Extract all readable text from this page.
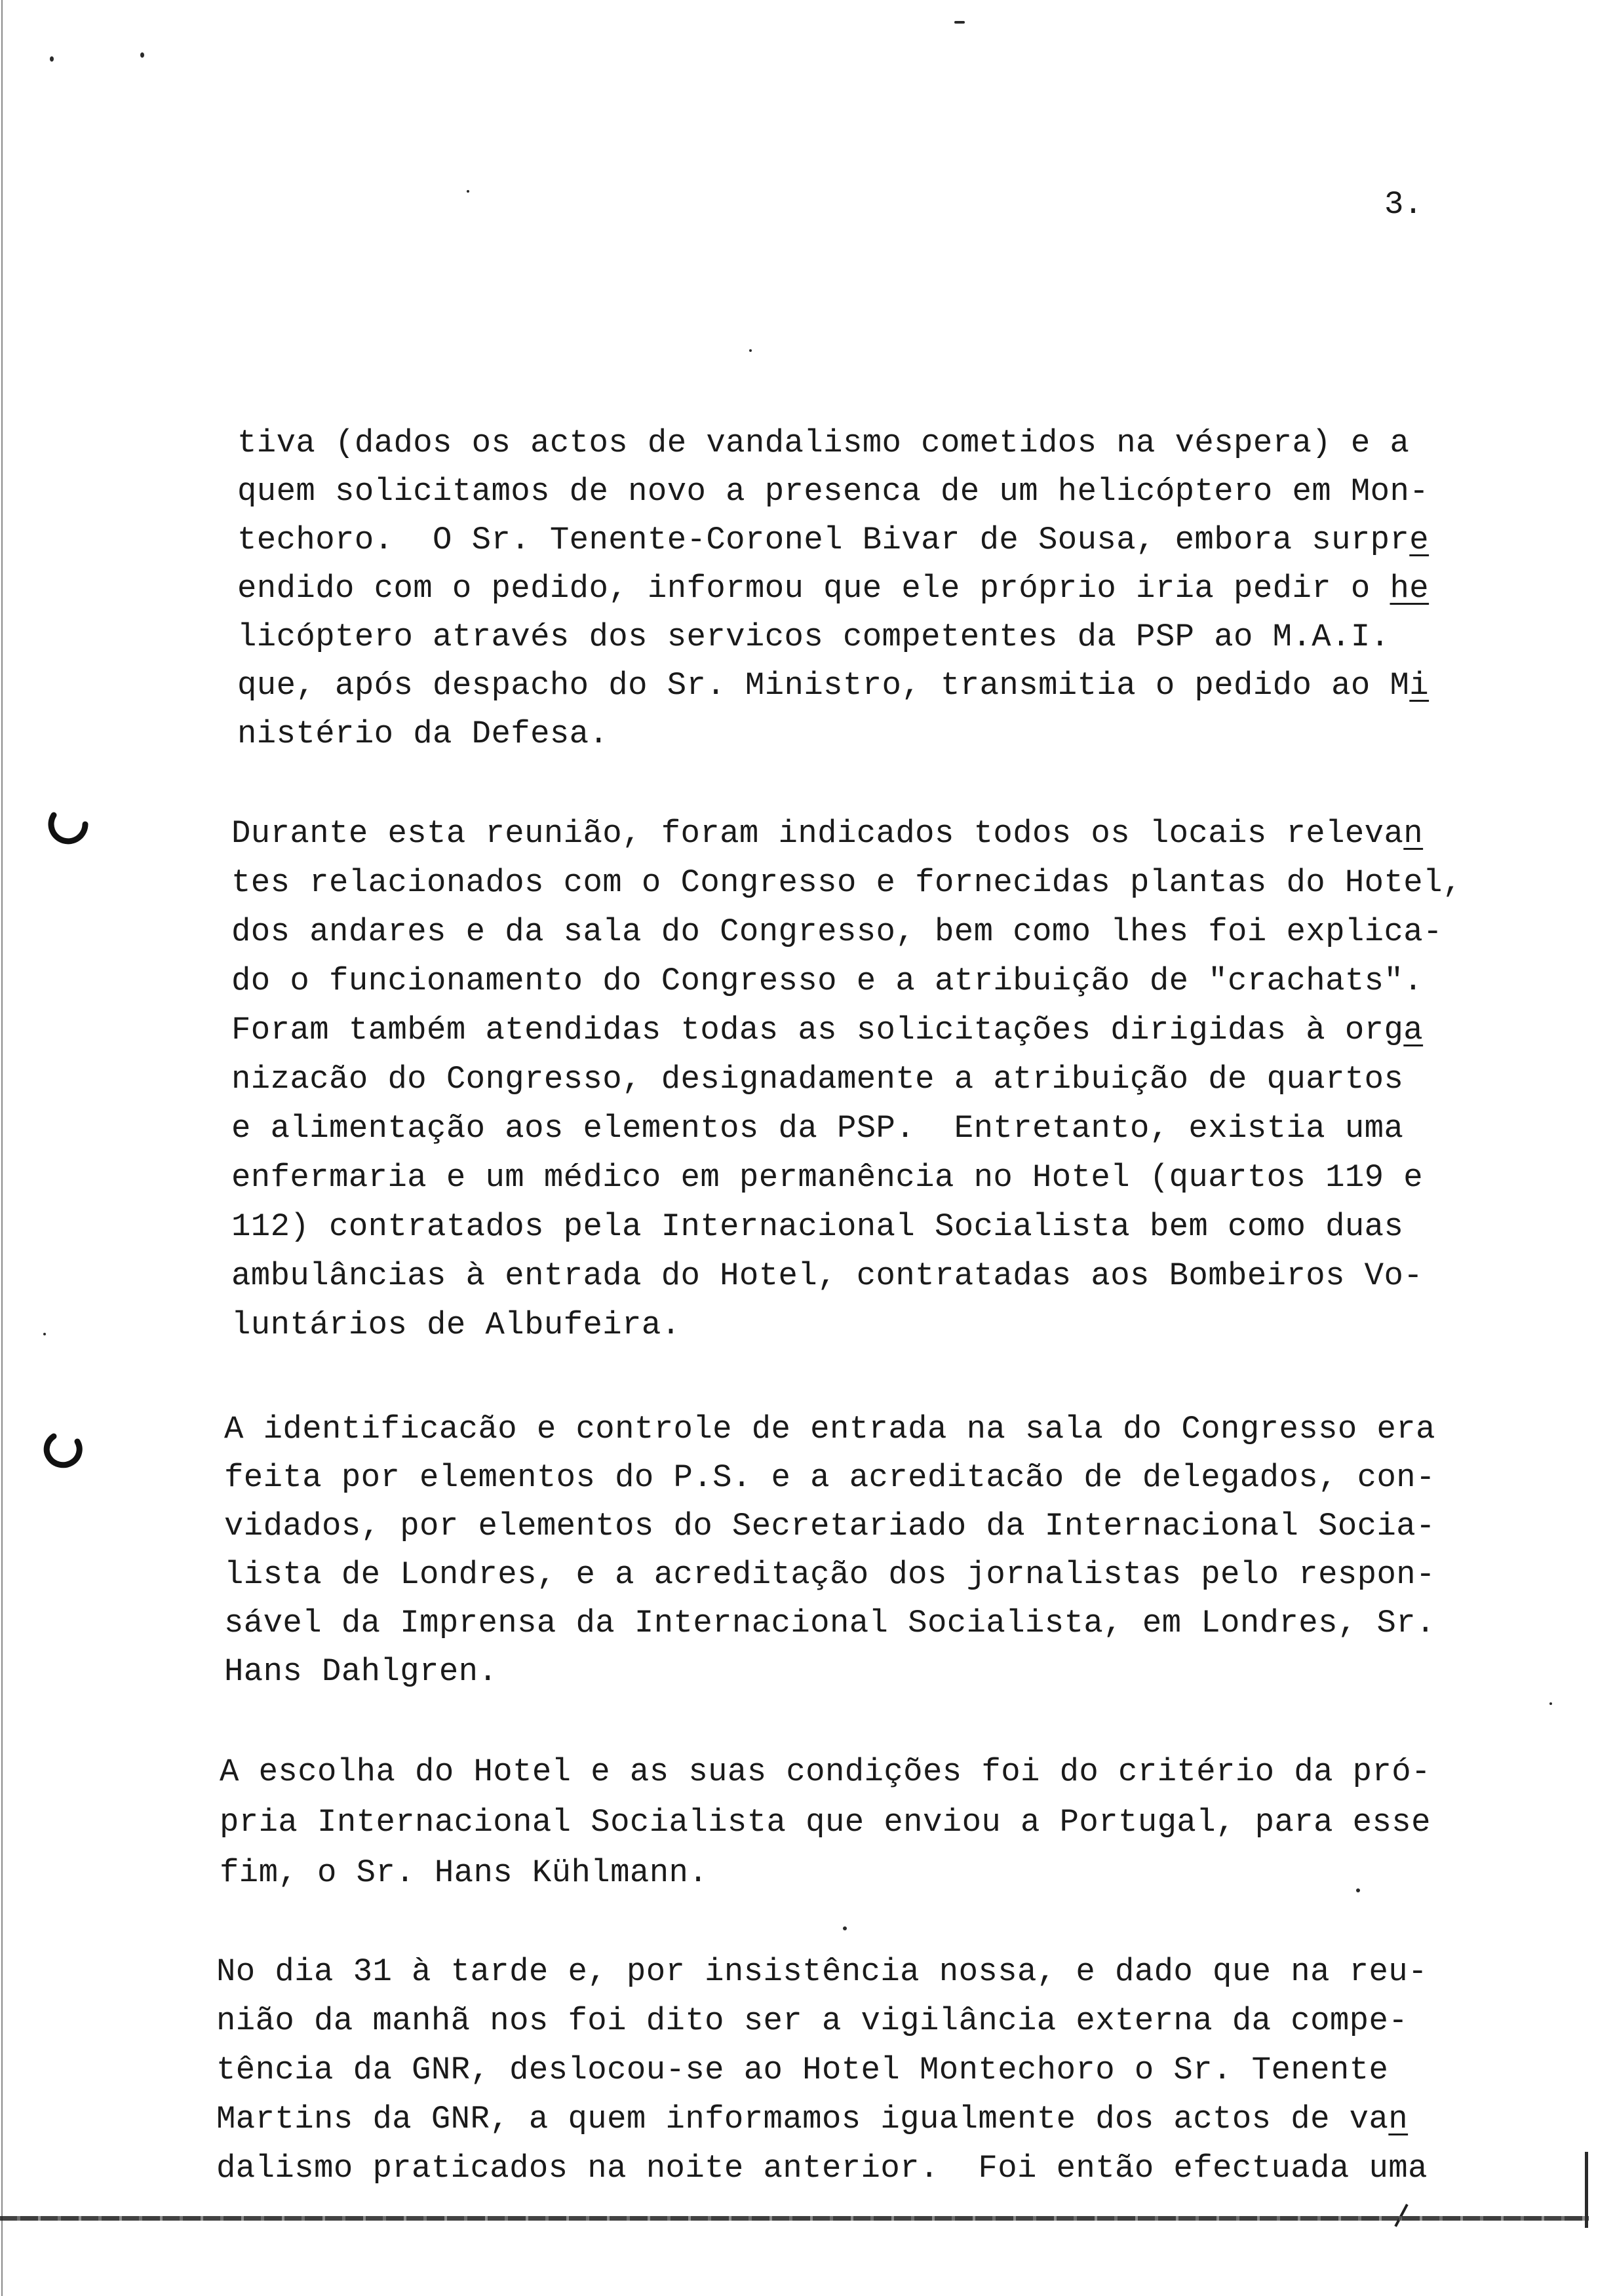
3.
tiva (dados os actos de vandalismo cometidos na véspera) e a
quem solicitamos de novo a presenca de um helicóptero em Mon-
techoro.  O Sr. Tenente-Coronel Bivar de Sousa, embora surpre
endido com o pedido, informou que ele próprio iria pedir o he
licóptero através dos servicos competentes da PSP ao M.A.I.
que, após despacho do Sr. Ministro, transmitia o pedido ao Mi
nistério da Defesa.
Durante esta reunião, foram indicados todos os locais relevan
tes relacionados com o Congresso e fornecidas plantas do Hotel,
dos andares e da sala do Congresso, bem como lhes foi explica-
do o funcionamento do Congresso e a atribuição de "crachats".
Foram também atendidas todas as solicitações dirigidas à orga
nizacão do Congresso, designadamente a atribuição de quartos
e alimentação aos elementos da PSP.  Entretanto, existia uma
enfermaria e um médico em permanência no Hotel (quartos 119 e
112) contratados pela Internacional Socialista bem como duas
ambulâncias à entrada do Hotel, contratadas aos Bombeiros Vo-
luntários de Albufeira.
A identificacão e controle de entrada na sala do Congresso era
feita por elementos do P.S. e a acreditacão de delegados, con-
vidados, por elementos do Secretariado da Internacional Socia-
lista de Londres, e a acreditação dos jornalistas pelo respon-
sável da Imprensa da Internacional Socialista, em Londres, Sr.
Hans Dahlgren.
A escolha do Hotel e as suas condições foi do critério da pró-
pria Internacional Socialista que enviou a Portugal, para esse
fim, o Sr. Hans Kühlmann.
No dia 31 à tarde e, por insistência nossa, e dado que na reu-
nião da manhã nos foi dito ser a vigilância externa da compe-
tência da GNR, deslocou-se ao Hotel Montechoro o Sr. Tenente
Martins da GNR, a quem informamos igualmente dos actos de van
dalismo praticados na noite anterior.  Foi então efectuada uma
